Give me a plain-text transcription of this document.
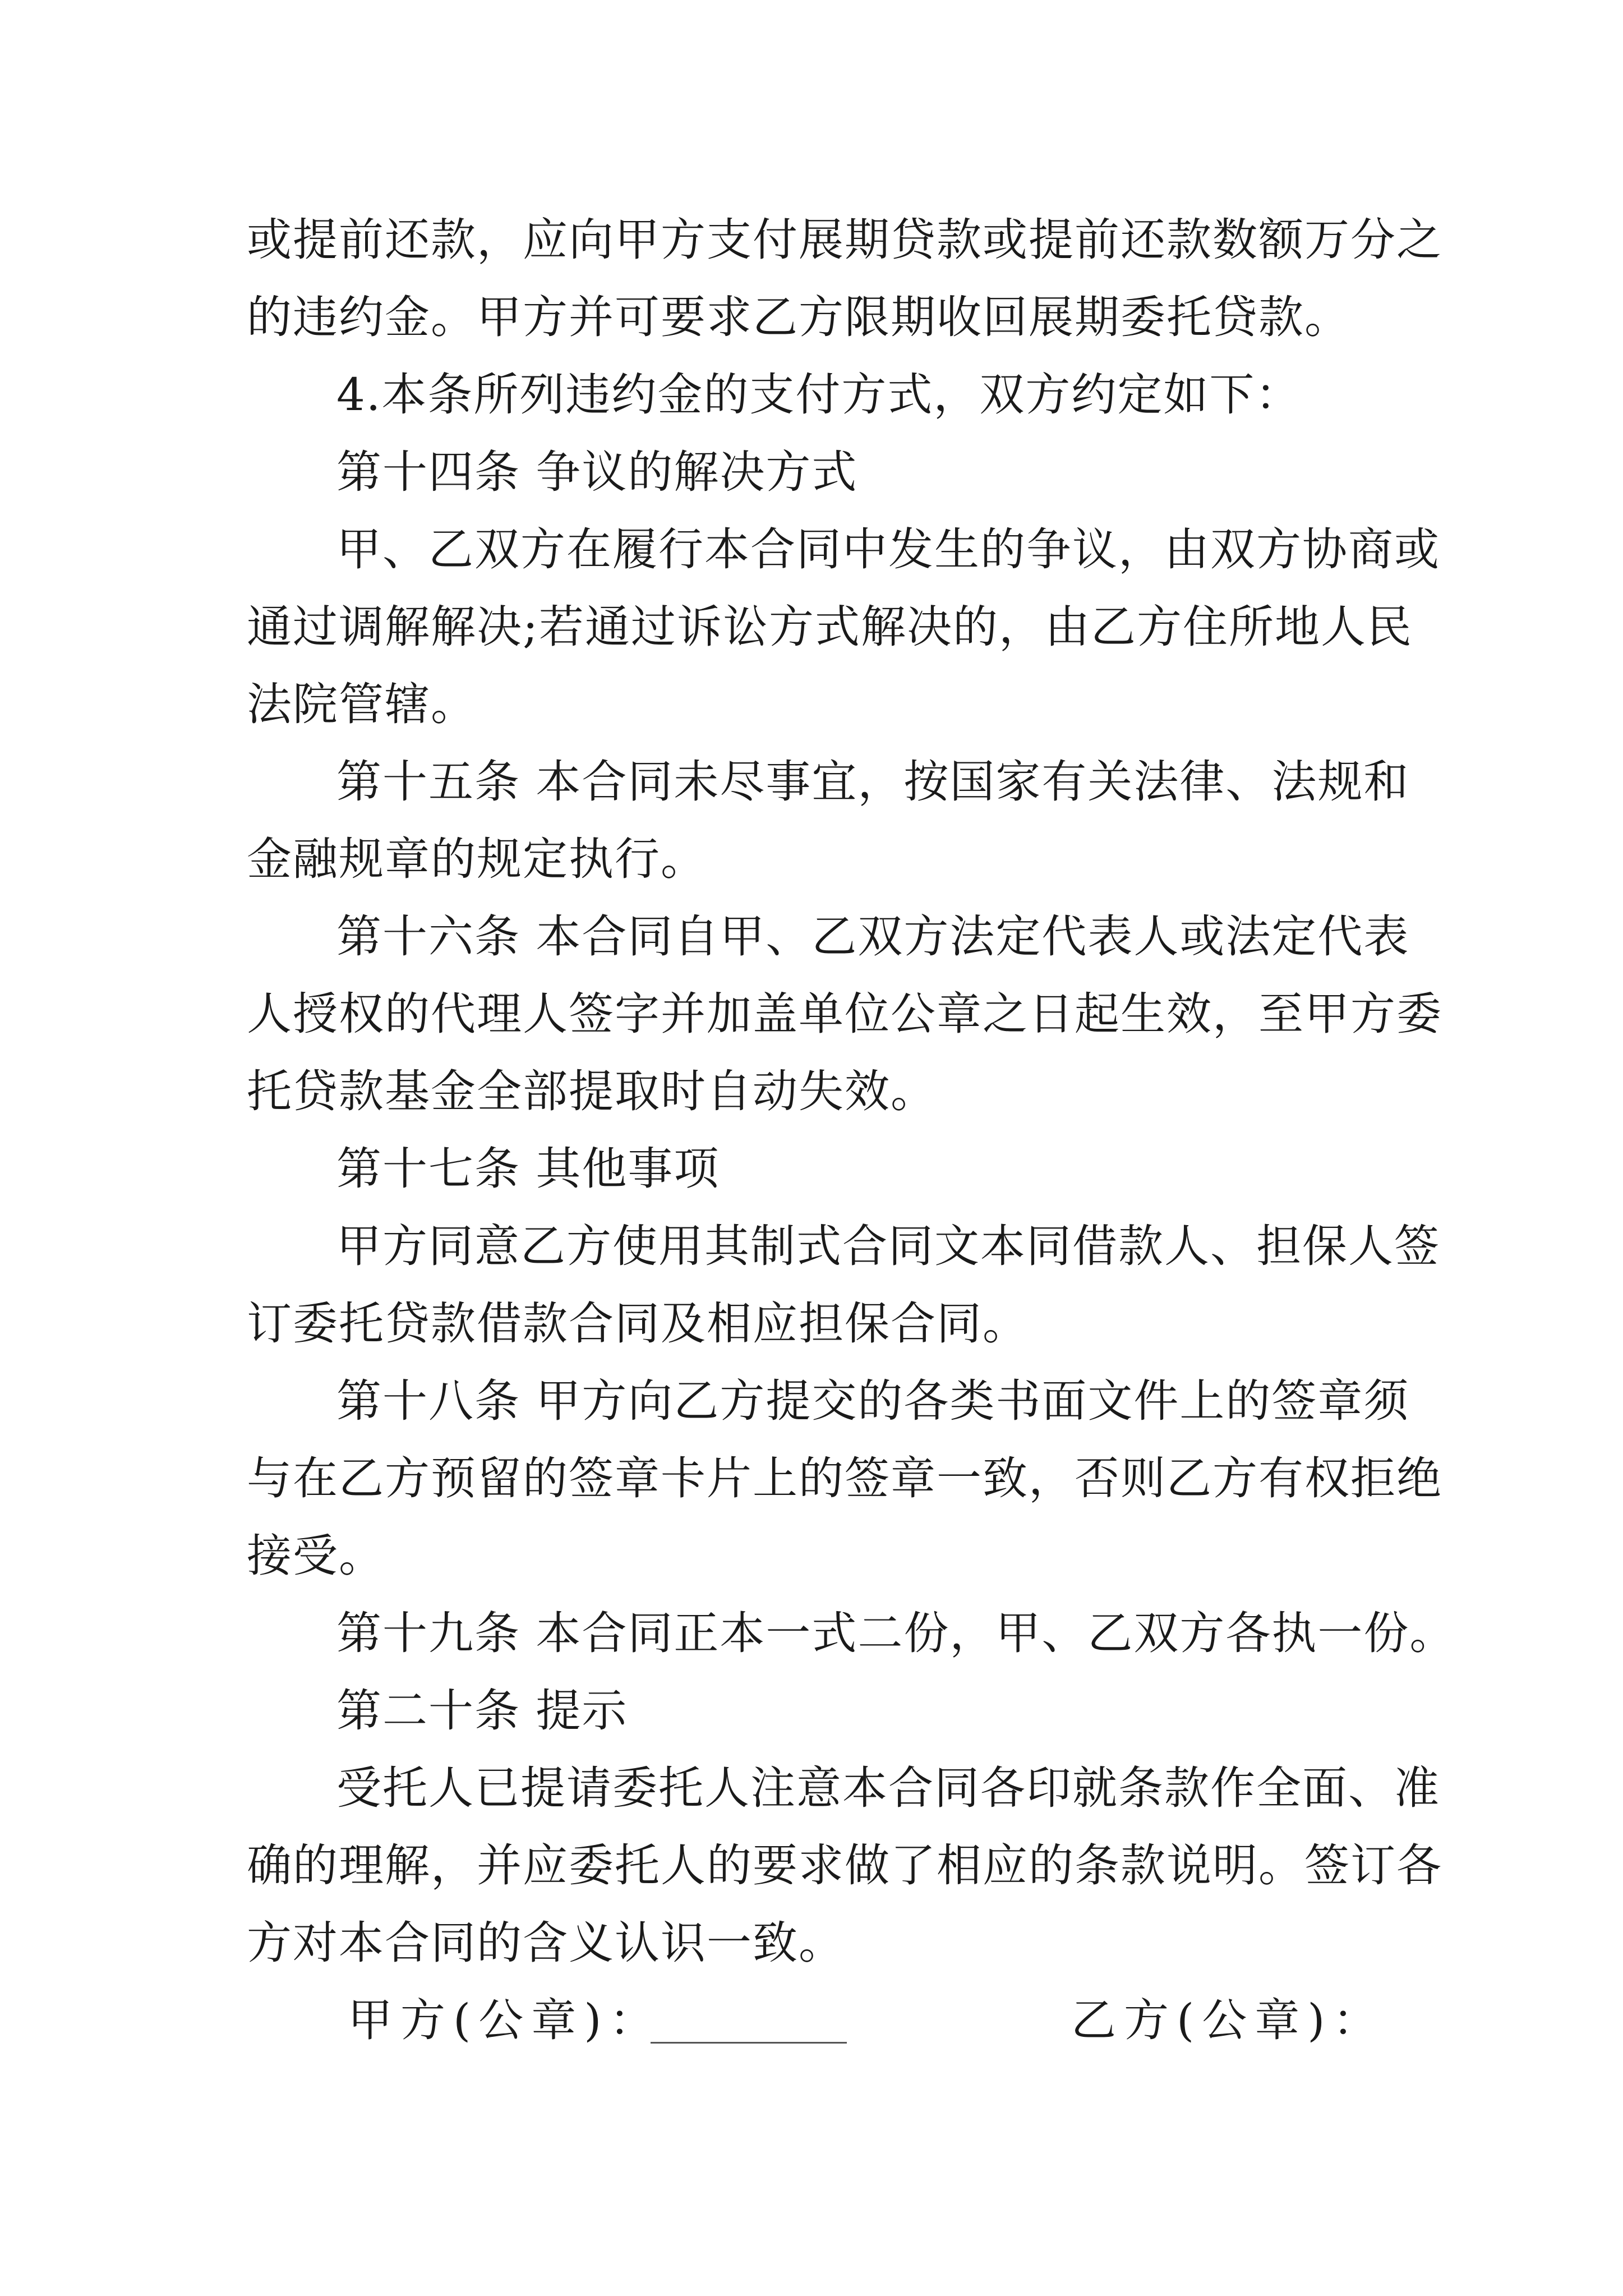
或提前还款，应向甲方支付展期贷款或提前还款数额万分之
的违约金。甲方并可要求乙方限期收回展期委托贷款。
4.本条所列违约金的支付方式，双方约定如下：
第十四条 争议的解决方式
甲、乙双方在履行本合同中发生的争议，由双方协商或
通过调解解决;若通过诉讼方式解决的，由乙方住所地人民
法院管辖。
第十五条 本合同未尽事宜，按国家有关法律、法规和
金融规章的规定执行。
第十六条 本合同自甲、乙双方法定代表人或法定代表
人授权的代理人签字并加盖单位公章之日起生效，至甲方委
托贷款基金全部提取时自动失效。
第十七条 其他事项
甲方同意乙方使用其制式合同文本同借款人、担保人签
订委托贷款借款合同及相应担保合同。
第十八条 甲方向乙方提交的各类书面文件上的签章须
与在乙方预留的签章卡片上的签章一致，否则乙方有权拒绝
接受。
第十九条 本合同正本一式二份，甲、乙双方各执一份。
第二十条 提示
受托人已提请委托人注意本合同各印就条款作全面、准
确的理解，并应委托人的要求做了相应的条款说明。签订各
方对本合同的含义认识一致。
甲方(公章)：	乙方(公章)：
